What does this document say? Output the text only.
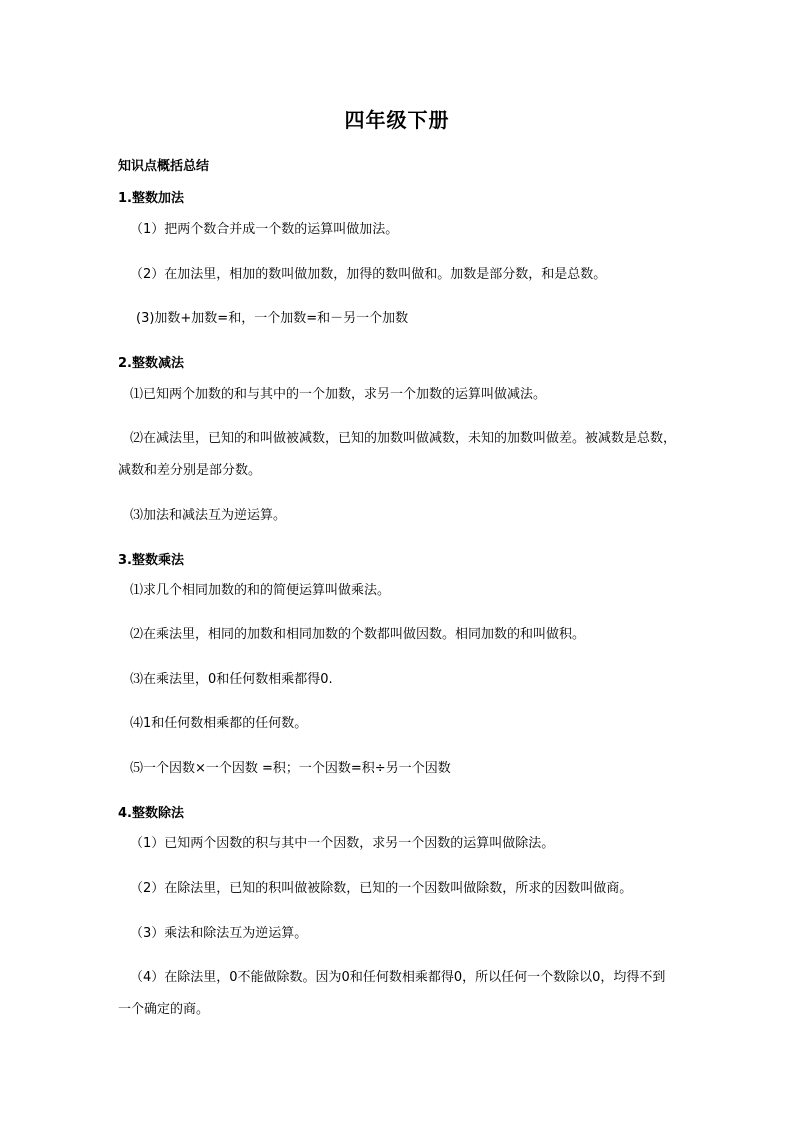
四年级下册
知识点概括总结
1.整数加法
（1）把两个数合并成一个数的运算叫做加法。
（2）在加法里，相加的数叫做加数，加得的数叫做和。加数是部分数，和是总数。
(3)加数+加数=和，一个加数=和－另一个加数
2.整数减法
⑴已知两个加数的和与其中的一个加数，求另一个加数的运算叫做减法。
⑵在减法里，已知的和叫做被减数，已知的加数叫做减数，未知的加数叫做差。被减数是总数，减数和差分别是部分数。
⑶加法和减法互为逆运算。
3.整数乘法
⑴求几个相同加数的和的简便运算叫做乘法。
⑵在乘法里，相同的加数和相同加数的个数都叫做因数。相同加数的和叫做积。
⑶在乘法里，0和任何数相乘都得0.
⑷1和任何数相乘都的任何数。
⑸一个因数×一个因数 =积；一个因数=积÷另一个因数
4.整数除法
（1）已知两个因数的积与其中一个因数，求另一个因数的运算叫做除法。
（2）在除法里，已知的积叫做被除数，已知的一个因数叫做除数，所求的因数叫做商。
（3）乘法和除法互为逆运算。
（4）在除法里，0不能做除数。因为0和任何数相乘都得0，所以任何一个数除以0，均得不到一个确定的商。
